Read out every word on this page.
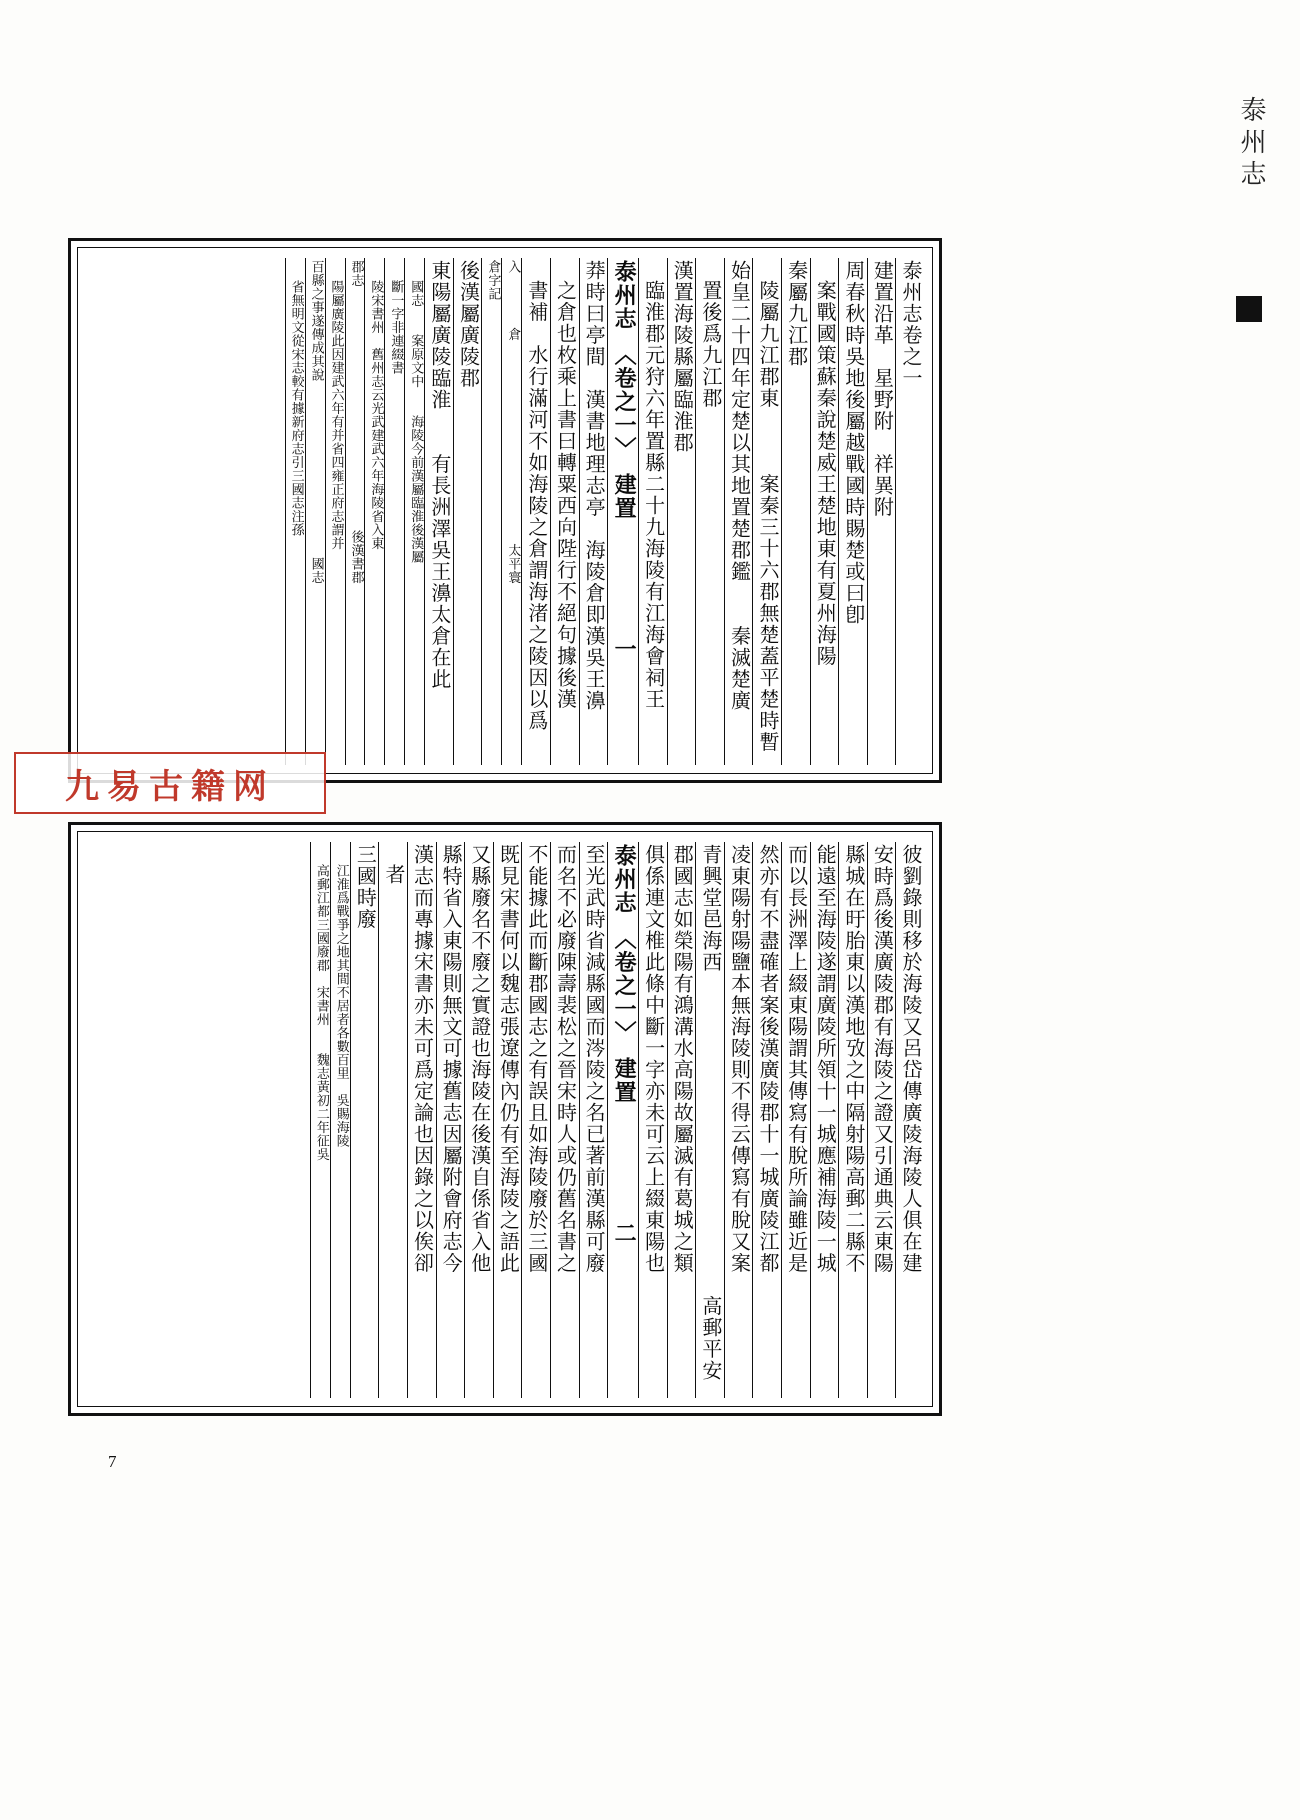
泰州志
泰州志卷之一
建置沿革　星野附　祥異附
周春秋時吳地後屬越戰國時賜楚或曰卽
案戰國策蘇秦說楚威王楚地東有夏州海陽
秦屬九江郡
陵屬九江郡東　　　案秦三十六郡無楚蓋平楚時暫
始皇二十四年定楚以其地置楚郡鑑　　秦滅楚廣
置後爲九江郡
漢置海陵縣屬臨淮郡
臨淮郡元狩六年置縣二十九海陵有江海會祠王
泰州志　〈卷之一〉　建置　　　　　一
莽時曰亭間　漢書地理志亭　海陵倉即漢吳王濞
之倉也枚乘上書曰轉粟西向陛行不絕句據後漢
書補　水行滿河不如海陵之倉謂海渚之陵因以爲
入　　　　倉　　　　　　　　　　　　　　　太平寰
倉字記
後漢屬廣陵郡
東陽屬廣陵臨淮　　有長洲澤吳王濞太倉在此
國志　　案原文中　　海陵今前漢屬臨淮後漢屬
斷一字非連綴書
陵宋書州　舊州志云光武建武六年海陵省入東
郡志　　　　　　　　　　　　　　　　　　後漢書郡
陽屬廣陵此因建武六年有并省四雍正府志謂并
百縣之事遂傳成其說　　　　　　　　　　　　　國志
省無明文從宋志較有據新府志引三國志注孫
彼劉錄則移於海陵又呂岱傳廣陵海陵人俱在建
安時爲後漢廣陵郡有海陵之證又引通典云東陽
縣城在旴胎東以漢地攷之中隔射陽高郵二縣不
能遠至海陵遂謂廣陵所領十一城應補海陵一城
而以長洲澤上綴東陽謂其傳寫有脫所論雖近是
然亦有不盡確者案後漢廣陵郡十一城廣陵江都
凌東陽射陽鹽本無海陵則不得云傳寫有脫又案
青興堂邑海西　　　　　　　　　　　　　　　高郵平安
郡國志如榮陽有鴻溝水高陽故屬滅有葛城之類
俱係連文椎此條中斷一字亦未可云上綴東陽也
泰州志　〈卷之一〉　建置　　　　　二
至光武時省減縣國而涔陵之名已著前漢縣可廢
而名不必廢陳壽裴松之晉宋時人或仍舊名書之
不能據此而斷郡國志之有誤且如海陵廢於三國
既見宋書何以魏志張遼傳內仍有至海陵之語此
又縣廢名不廢之實證也海陵在後漢自係省入他
縣特省入東陽則無文可據舊志因屬附會府志今
漢志而專據宋書亦未可爲定論也因錄之以俟卻
者
三國時廢
江淮爲戰爭之地其間不居者各數百里　吳賜海陵
高郵江都三國廢郡　宋書州　　魏志黃初二年征吳
九易古籍网
7
